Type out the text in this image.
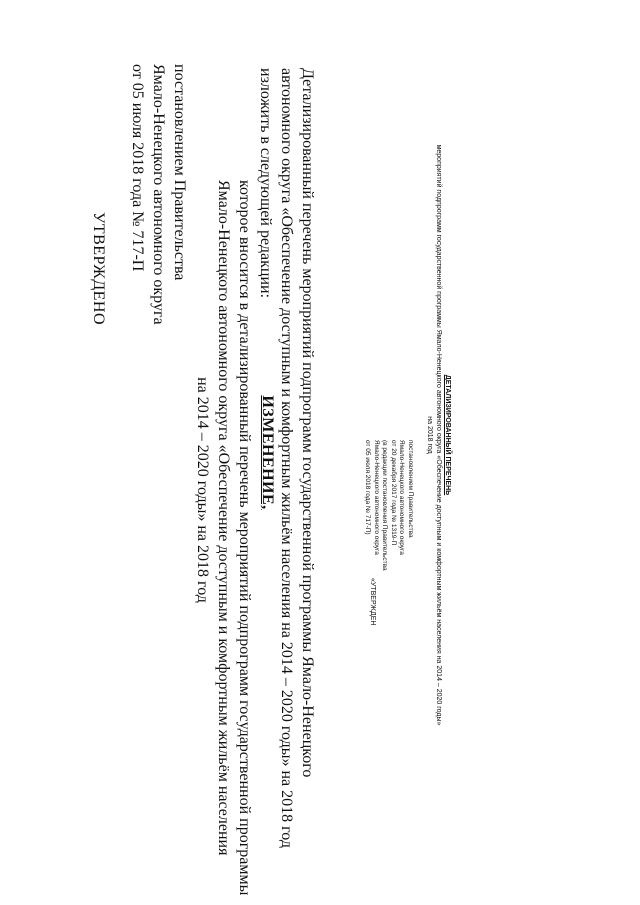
УТВЕРЖДЕНО	постановлением Правительства
Ямало-Ненецкого автономного округа
от 05 июля 2018 года № 717-П
ИЗМЕНЕНИЕ,
которое вносится в детализированный перечень мероприятий подпрограмм государственной программы
Ямало-Ненецкого автономного округа «Обеспечение доступным и комфортным жильём населения
на 2014 – 2020 годы» на 2018 год	Детализированный перечень мероприятий подпрограмм государственной программы Ямало-Ненецкого
автономного округа «Обеспечение доступным и комфортным жильём населения на 2014 – 2020 годы» на 2018 год
изложить в следующей редакции:
«УТВЕРЖДЕН
постановлением Правительства
Ямало-Ненецкого автономного округа
от 20 декабря 2017 года № 1319-П
(в редакции постановления Правительства
Ямало-Ненецкого автономного округа
от 05 июля 2018 года № 717-П)	ДЕТАЛИЗИРОВАННЫЙ ПЕРЕЧЕНЬ
мероприятий подпрограмм государственной программы Ямало-Ненецкого автономного округа «Обеспечение доступным и комфортным жильём населения на 2014 – 2020 годы»
на 2018 год
